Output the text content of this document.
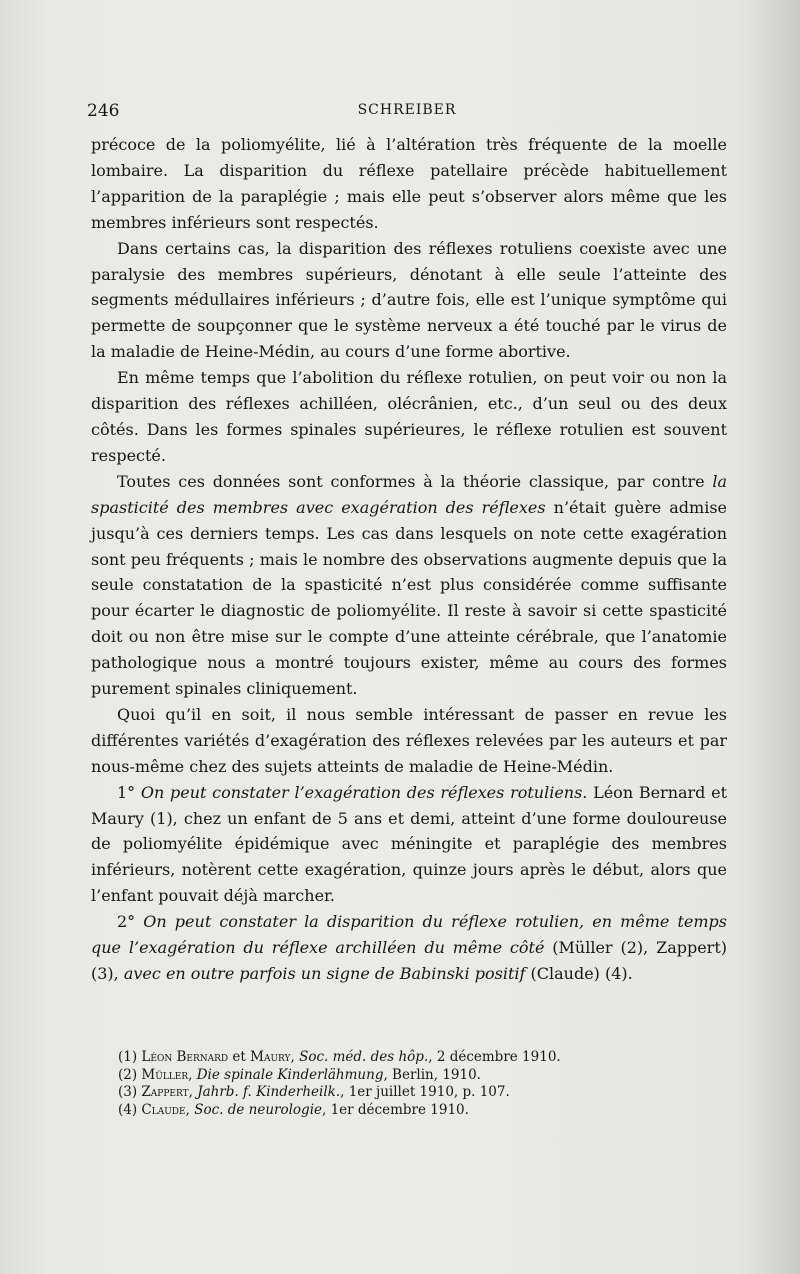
246	SCHREIBER

précoce de la poliomyélite, lié à l’altération très fréquente de la moelle lombaire. La disparition du réflexe patellaire précède habituellement l’apparition de la paraplégie ; mais elle peut s’observer alors même que les membres inférieurs sont respectés.

Dans certains cas, la disparition des réflexes rotuliens coexiste avec une paralysie des membres supérieurs, dénotant à elle seule l’atteinte des segments médullaires inférieurs ; d’autre fois, elle est l’unique symptôme qui permette de soupçonner que le système nerveux a été touché par le virus de la maladie de Heine-Médin, au cours d’une forme abortive.

En même temps que l’abolition du réflexe rotulien, on peut voir ou non la disparition des réflexes achilléen, olécrânien, etc., d’un seul ou des deux côtés. Dans les formes spinales supérieures, le réflexe rotulien est souvent respecté.

Toutes ces données sont conformes à la théorie classique, par contre la spasticité des membres avec exagération des réflexes n’était guère admise jusqu’à ces derniers temps. Les cas dans lesquels on note cette exagération sont peu fréquents ; mais le nombre des observations augmente depuis que la seule constatation de la spasticité n’est plus considérée comme suffisante pour écarter le diagnostic de poliomyélite. Il reste à savoir si cette spasticité doit ou non être mise sur le compte d’une atteinte cérébrale, que l’anatomie pathologique nous a montré toujours exister, même au cours des formes purement spinales cliniquement.

Quoi qu’il en soit, il nous semble intéressant de passer en revue les différentes variétés d’exagération des réflexes relevées par les auteurs et par nous-même chez des sujets atteints de maladie de Heine-Médin.

1° On peut constater l’exagération des réflexes rotuliens. Léon Bernard et Maury (1), chez un enfant de 5 ans et demi, atteint d’une forme douloureuse de poliomyélite épidémique avec méningite et paraplégie des membres inférieurs, notèrent cette exagération, quinze jours après le début, alors que l’enfant pouvait déjà marcher.

2° On peut constater la disparition du réflexe rotulien, en même temps que l’exagération du réflexe archilléen du même côté (Müller (2), Zappert) (3), avec en outre parfois un signe de Babinski positif (Claude) (4).

(1) Léon Bernard et Maury, Soc. méd. des hôp., 2 décembre 1910.
(2) Müller, Die spinale Kinderlähmung, Berlin, 1910.
(3) Zappert, Jahrb. f. Kinderheilk., 1er juillet 1910, p. 107.
(4) Claude, Soc. de neurologie, 1er décembre 1910.
